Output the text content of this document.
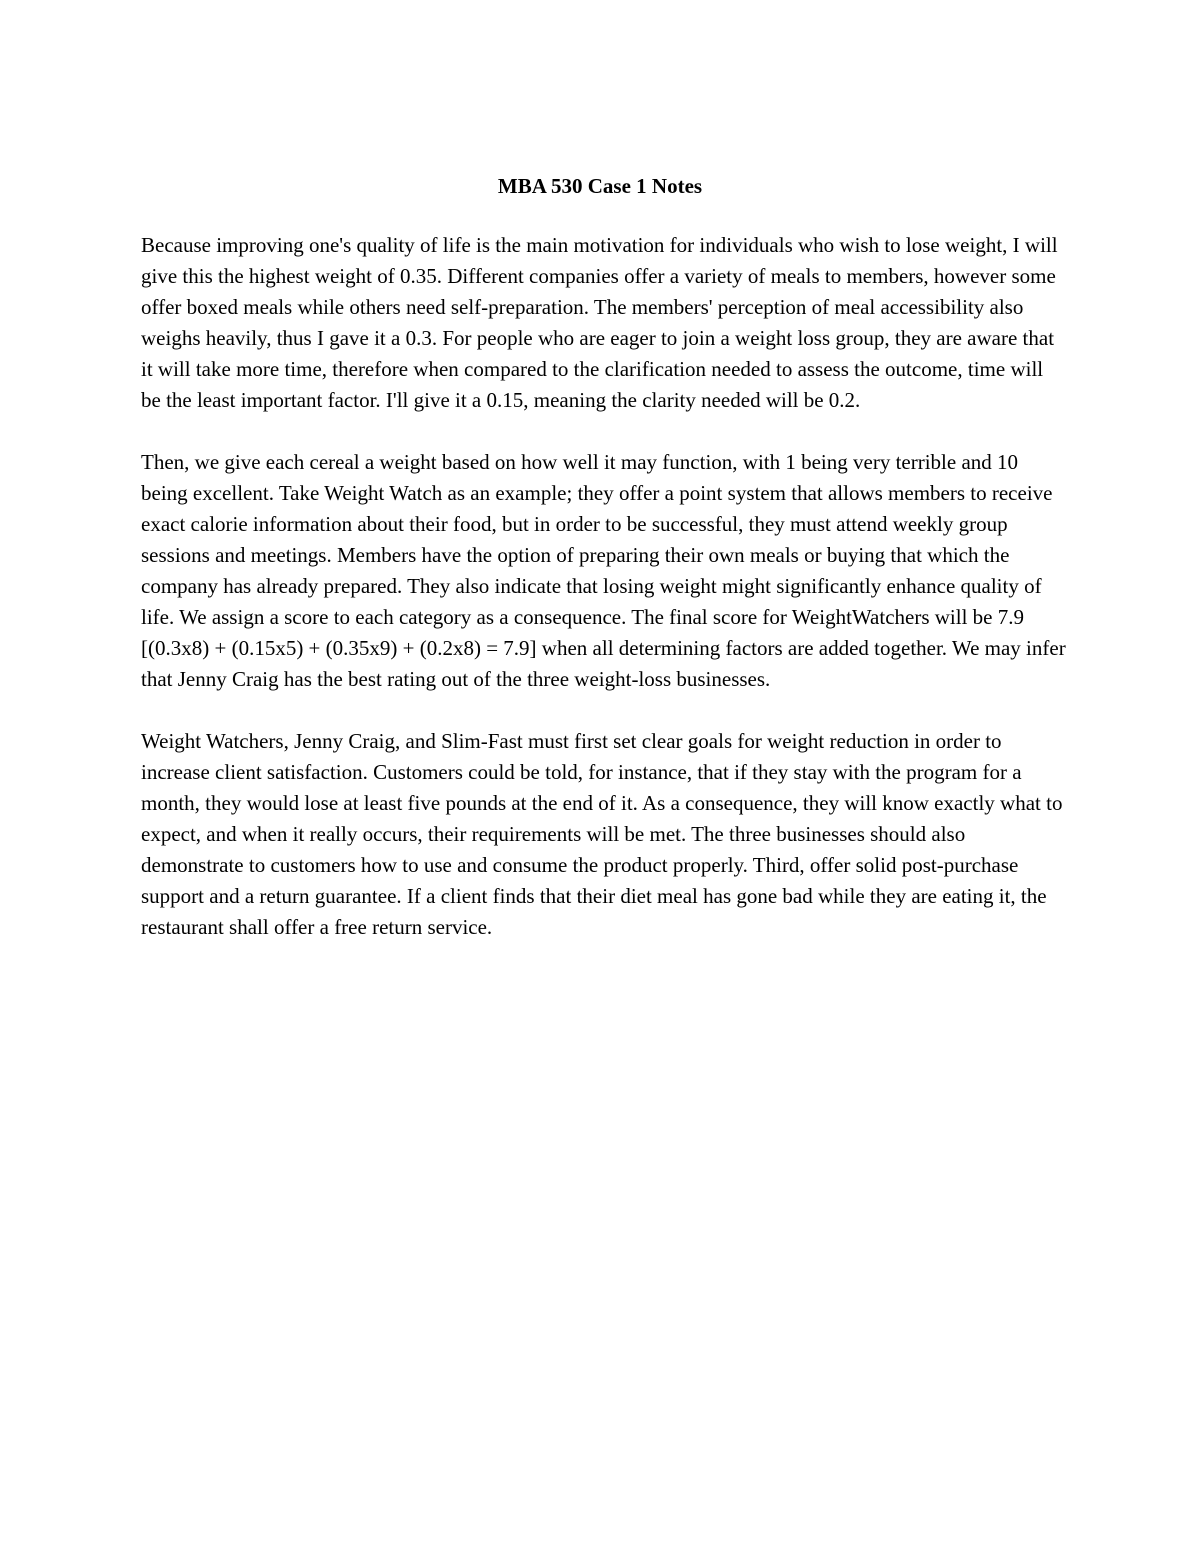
MBA 530 Case 1 Notes

Because improving one's quality of life is the main motivation for individuals who wish to lose weight, I will give this the highest weight of 0.35. Different companies offer a variety of meals to members, however some offer boxed meals while others need self-preparation. The members' perception of meal accessibility also weighs heavily, thus I gave it a 0.3. For people who are eager to join a weight loss group, they are aware that it will take more time, therefore when compared to the clarification needed to assess the outcome, time will be the least important factor. I'll give it a 0.15, meaning the clarity needed will be 0.2.

Then, we give each cereal a weight based on how well it may function, with 1 being very terrible and 10 being excellent. Take Weight Watch as an example; they offer a point system that allows members to receive exact calorie information about their food, but in order to be successful, they must attend weekly group sessions and meetings. Members have the option of preparing their own meals or buying that which the company has already prepared. They also indicate that losing weight might significantly enhance quality of life. We assign a score to each category as a consequence. The final score for WeightWatchers will be 7.9 [(0.3x8) + (0.15x5) + (0.35x9) + (0.2x8) = 7.9] when all determining factors are added together. We may infer that Jenny Craig has the best rating out of the three weight-loss businesses.

Weight Watchers, Jenny Craig, and Slim-Fast must first set clear goals for weight reduction in order to increase client satisfaction. Customers could be told, for instance, that if they stay with the program for a month, they would lose at least five pounds at the end of it. As a consequence, they will know exactly what to expect, and when it really occurs, their requirements will be met. The three businesses should also demonstrate to customers how to use and consume the product properly. Third, offer solid post-purchase support and a return guarantee. If a client finds that their diet meal has gone bad while they are eating it, the restaurant shall offer a free return service.
